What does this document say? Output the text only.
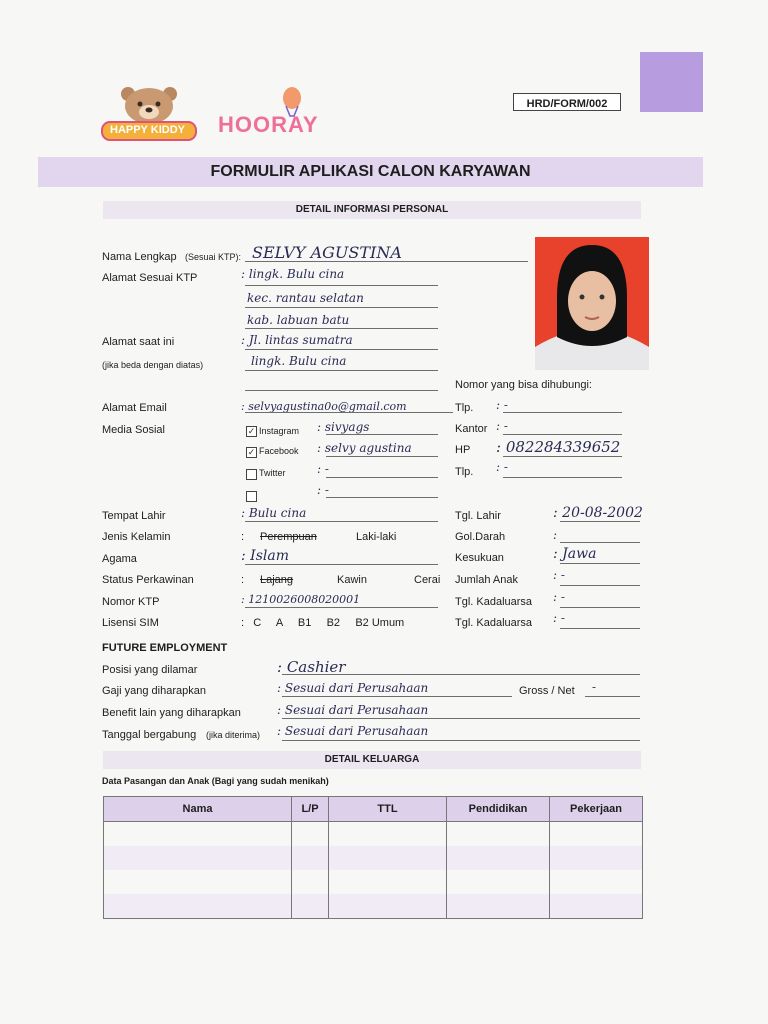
HAPPY KIDDY HOORAY
HRD/FORM/002
FORMULIR APLIKASI CALON KARYAWAN
DETAIL INFORMASI PERSONAL
Nama Lengkap (Sesuai KTP): SELVY AGUSTINA
Alamat Sesuai KTP	: lingk. Bulu cina
kec. rantau selatan
kab. labuan batu
Alamat saat ini	: Jl. lintas sumatra
(jika beda dengan diatas)	lingk. Bulu cina
Nomor yang bisa dihubungi:
Alamat Email	: selvyagustina0o@gmail.com	Tlp. : -
Media Sosial	✓ Instagram : sivyags	Kantor : -
✓ Facebook : selvy agustina	HP : 082284339652
Twitter	: -	Tlp. : -
: -
Tempat Lahir	: Bulu cina	Tgl. Lahir	: 20-08-2002
Jenis Kelamin	: Perempuan	Laki-laki	Gol.Darah	:
Agama	: Islam	Kesukuan	: Jawa
Status Perkawinan	: Lajang	Kawin	Cerai Jumlah Anak	: -
Nomor KTP	: 1210026008020001	Tgl. Kadaluarsa : -
Lisensi SIM	:   C     A     B1     B2     B2 Umum	Tgl. Kadaluarsa : -
FUTURE EMPLOYMENT
Posisi yang dilamar	: Cashier
Gaji yang diharapkan	: Sesuai dari Perusahaan	Gross / Net -
Benefit lain yang diharapkan	: Sesuai dari Perusahaan
Tanggal bergabung (jika diterima) : Sesuai dari Perusahaan
DETAIL KELUARGA
Data Pasangan dan Anak (Bagi yang sudah menikah)
Nama	L/P	TTL	Pendidikan	Pekerjaan
